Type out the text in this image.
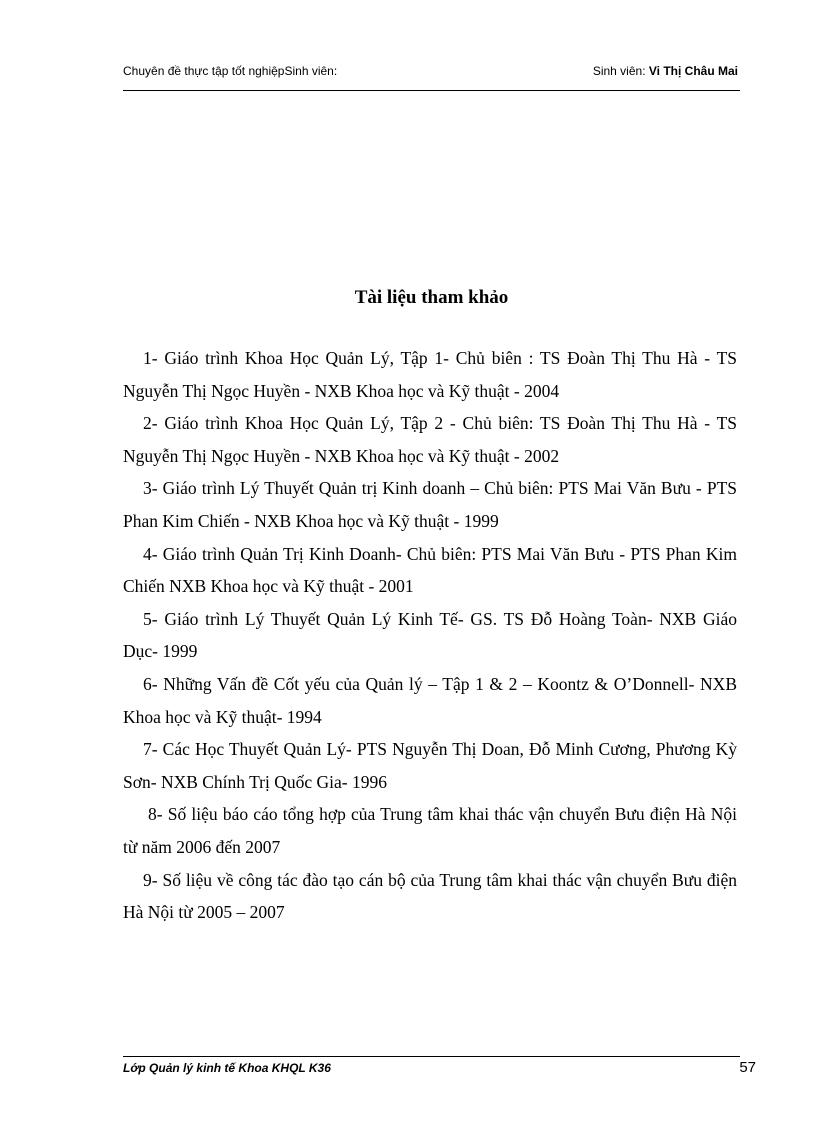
Chuyên đề thực tập tốt nghiệpSinh viên:	Sinh viên: Vi Thị Châu Mai
Tài liệu tham khảo

1- Giáo trình Khoa Học Quản Lý, Tập 1- Chủ biên : TS Đoàn Thị Thu Hà - TS Nguyễn Thị Ngọc Huyền - NXB Khoa học và Kỹ thuật - 2004

2- Giáo trình Khoa Học Quản Lý, Tập 2 - Chủ biên: TS Đoàn Thị Thu Hà - TS Nguyễn Thị Ngọc Huyền - NXB Khoa học và Kỹ thuật - 2002

3- Giáo trình Lý Thuyết Quản trị Kinh doanh – Chủ biên: PTS Mai Văn Bưu - PTS Phan Kim Chiến - NXB Khoa học và Kỹ thuật - 1999

4- Giáo trình Quản Trị Kinh Doanh- Chủ biên: PTS Mai Văn Bưu - PTS Phan Kim Chiến NXB Khoa học và Kỹ thuật - 2001

5- Giáo trình Lý Thuyết Quản Lý Kinh Tế- GS. TS Đỗ Hoàng Toàn- NXB Giáo Dục- 1999

6- Những Vấn đề Cốt yếu của Quản lý – Tập 1 & 2 – Koontz & O’Donnell- NXB Khoa học và Kỹ thuật- 1994

7- Các Học Thuyết Quản Lý- PTS Nguyễn Thị Doan, Đỗ Minh Cương, Phương Kỳ Sơn- NXB Chính Trị Quốc Gia- 1996

8- Số liệu báo cáo tổng hợp của Trung tâm khai thác vận chuyển Bưu điện Hà Nội từ năm 2006 đến 2007

9- Số liệu về công tác đào tạo cán bộ của Trung tâm khai thác vận chuyển Bưu điện Hà Nội từ 2005 – 2007

Lớp Quản lý kinh tế Khoa KHQL K36	57
